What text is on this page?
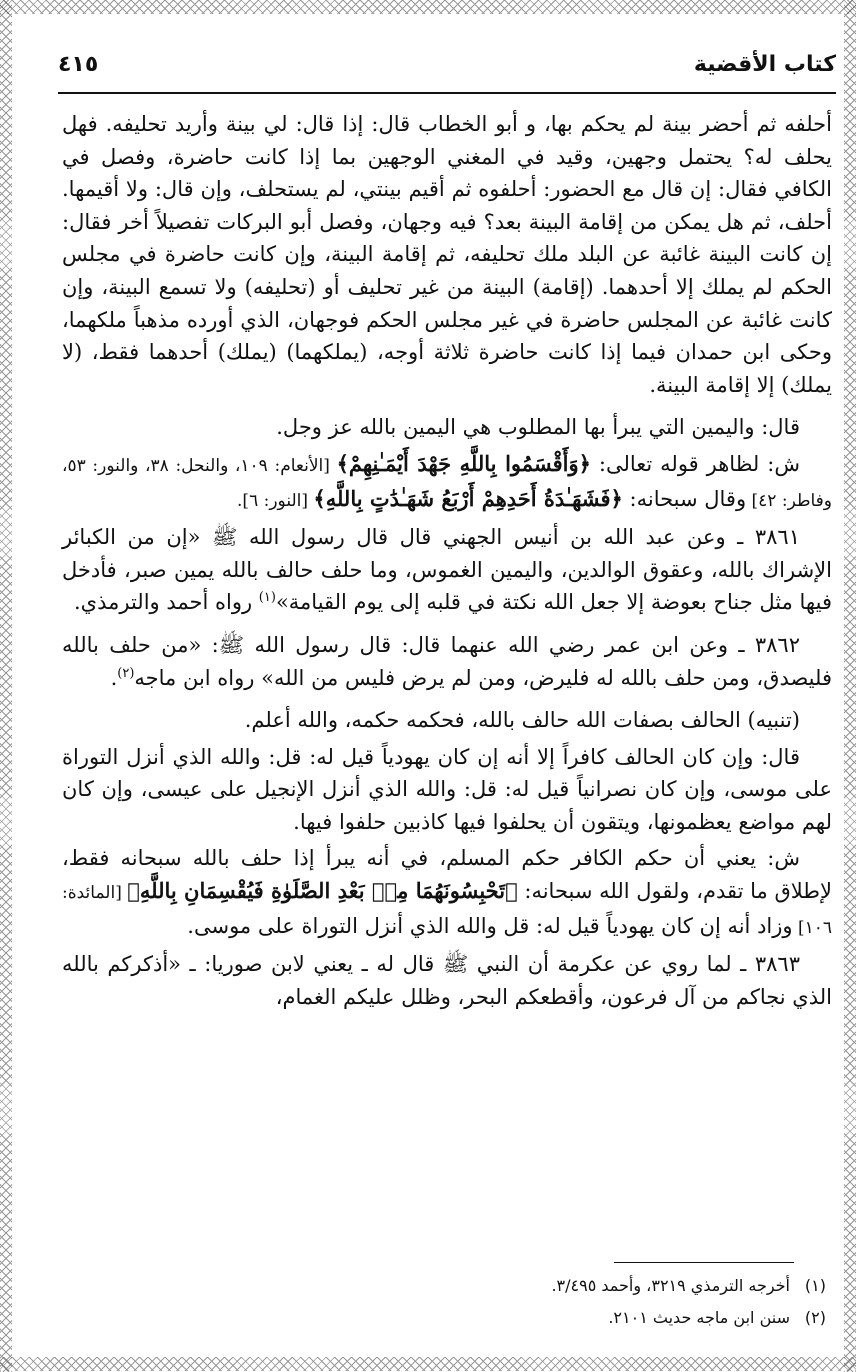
كتاب الأقضية
٤١٥

أحلفه ثم أحضر بينة لم يحكم بها، و أبو الخطاب قال: إذا قال: لي بينة وأريد تحليفه. فهل يحلف له؟ يحتمل وجهين، وقيد في المغني الوجهين بما إذا كانت حاضرة، وفصل في الكافي فقال: إن قال مع الحضور: أحلفوه ثم أقيم بينتي، لم يستحلف، وإن قال: ولا أقيمها. أحلف، ثم هل يمكن من إقامة البينة بعد؟ فيه وجهان، وفصل أبو البركات تفصيلاً أخر فقال: إن كانت البينة غائبة عن البلد ملك تحليفه، ثم إقامة البينة، وإن كانت حاضرة في مجلس الحكم لم يملك إلا أحدهما. (إقامة) البينة من غير تحليف أو (تحليفه) ولا تسمع البينة، وإن كانت غائبة عن المجلس حاضرة في غير مجلس الحكم فوجهان، الذي أورده مذهباً ملكهما، وحكى ابن حمدان فيما إذا كانت حاضرة ثلاثة أوجه، (يملكهما) (يملك) أحدهما فقط، (لا يملك) إلا إقامة البينة.

قال: واليمين التي يبرأ بها المطلوب هي اليمين بالله عز وجل.

ش: لظاهر قوله تعالى: ﴿وَأَقْسَمُوا بِاللَّهِ جَهْدَ أَيْمَـٰنِهِمْ﴾ [الأنعام: ١٠٩، والنحل: ٣٨، والنور: ٥٣، وفاطر: ٤٢] وقال سبحانه: ﴿فَشَهَـٰدَةُ أَحَدِهِمْ أَرْبَعُ شَهَـٰدَٰتٍ بِاللَّهِ﴾ [النور: ٦].

٣٨٦١ ـ وعن عبد الله بن أنيس الجهني قال قال رسول الله ﷺ «إن من الكبائر الإشراك بالله، وعقوق الوالدين، واليمين الغموس، وما حلف حالف بالله يمين صبر، فأدخل فيها مثل جناح بعوضة إلا جعل الله نكتة في قلبه إلى يوم القيامة»$^{(١)}$ رواه أحمد والترمذي.

٣٨٦٢ ـ وعن ابن عمر رضي الله عنهما قال: قال رسول الله ﷺ: «من حلف بالله فليصدق، ومن حلف بالله له فليرض، ومن لم يرض فليس من الله» رواه ابن ماجه$^{(٢)}$.

(تنبيه) الحالف بصفات الله حالف بالله، فحكمه حكمه، والله أعلم.

قال: وإن كان الحالف كافراً إلا أنه إن كان يهودياً قيل له: قل: والله الذي أنزل التوراة على موسى، وإن كان نصرانياً قيل له: قل: والله الذي أنزل الإنجيل على عيسى، وإن كان لهم مواضع يعظمونها، ويتقون أن يحلفوا فيها كاذبين حلفوا فيها.

ش: يعني أن حكم الكافر حكم المسلم، في أنه يبرأ إذا حلف بالله سبحانه فقط، لإطلاق ما تقدم، ولقول الله سبحانه: ﴿تَحْبِسُونَهُمَا مِنۢ بَعْدِ الصَّلَوٰةِ فَيُقْسِمَانِ بِاللَّهِ﴾ [المائدة: ١٠٦] وزاد أنه إن كان يهودياً قيل له: قل والله الذي أنزل التوراة على موسى.

٣٨٦٣ ـ لما روي عن عكرمة أن النبي ﷺ قال له ـ يعني لابن صوريا: ـ «أذكركم بالله الذي نجاكم من آل فرعون، وأقطعكم البحر، وظلل عليكم الغمام،

(١)أخرجه الترمذي ٣٢١٩، وأحمد ٣/٤٩٥.
(٢)سنن ابن ماجه حديث ٢١٠١.
